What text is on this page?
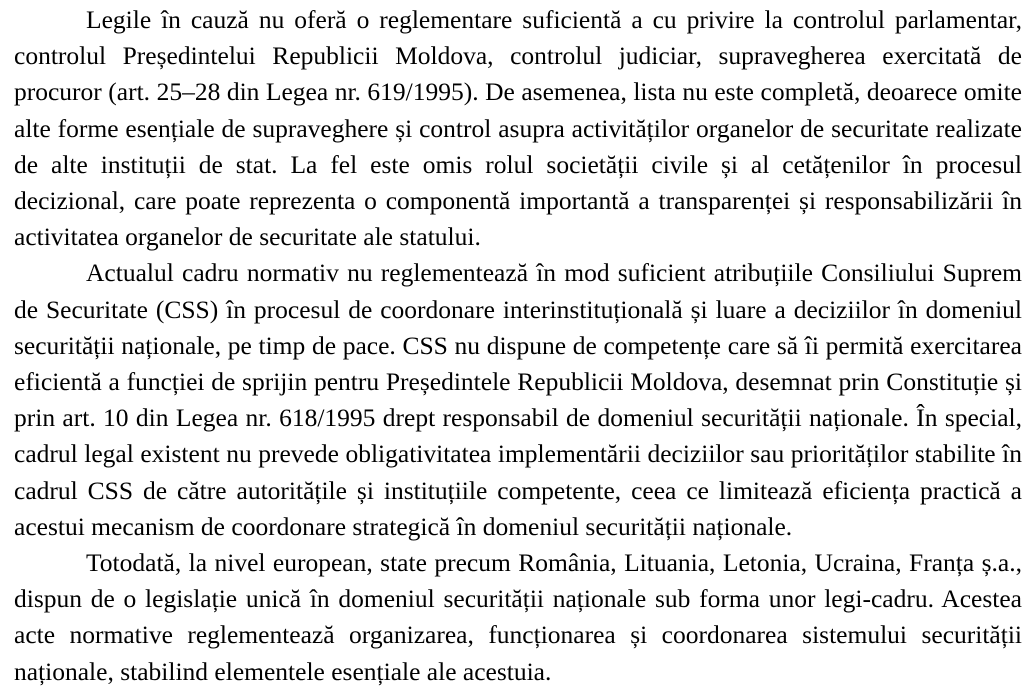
Legile în cauză nu oferă o reglementare suficientă a cu privire la controlul parlamentar, controlul Președintelui Republicii Moldova, controlul judiciar, supravegherea exercitată de procuror (art. 25–28 din Legea nr. 619/1995). De asemenea, lista nu este completă, deoarece omite alte forme esențiale de supraveghere și control asupra activităților organelor de securitate realizate de alte instituții de stat. La fel este omis rolul societății civile și al cetățenilor în procesul decizional, care poate reprezenta o componentă importantă a transparenței și responsabilizării în activitatea organelor de securitate ale statului.

Actualul cadru normativ nu reglementează în mod suficient atribuțiile Consiliului Suprem de Securitate (CSS) în procesul de coordonare interinstituțională și luare a deciziilor în domeniul securității naționale, pe timp de pace. CSS nu dispune de competențe care să îi permită exercitarea eficientă a funcției de sprijin pentru Președintele Republicii Moldova, desemnat prin Constituție și prin art. 10 din Legea nr. 618/1995 drept responsabil de domeniul securității naționale. În special, cadrul legal existent nu prevede obligativitatea implementării deciziilor sau priorităților stabilite în cadrul CSS de către autoritățile și instituțiile competente, ceea ce limitează eficiența practică a acestui mecanism de coordonare strategică în domeniul securității naționale.

Totodată, la nivel european, state precum România, Lituania, Letonia, Ucraina, Franța ș.a., dispun de o legislație unică în domeniul securității naționale sub forma unor legi-cadru. Acestea acte normative reglementează organizarea, funcționarea și coordonarea sistemului securității naționale, stabilind elementele esențiale ale acestuia.
